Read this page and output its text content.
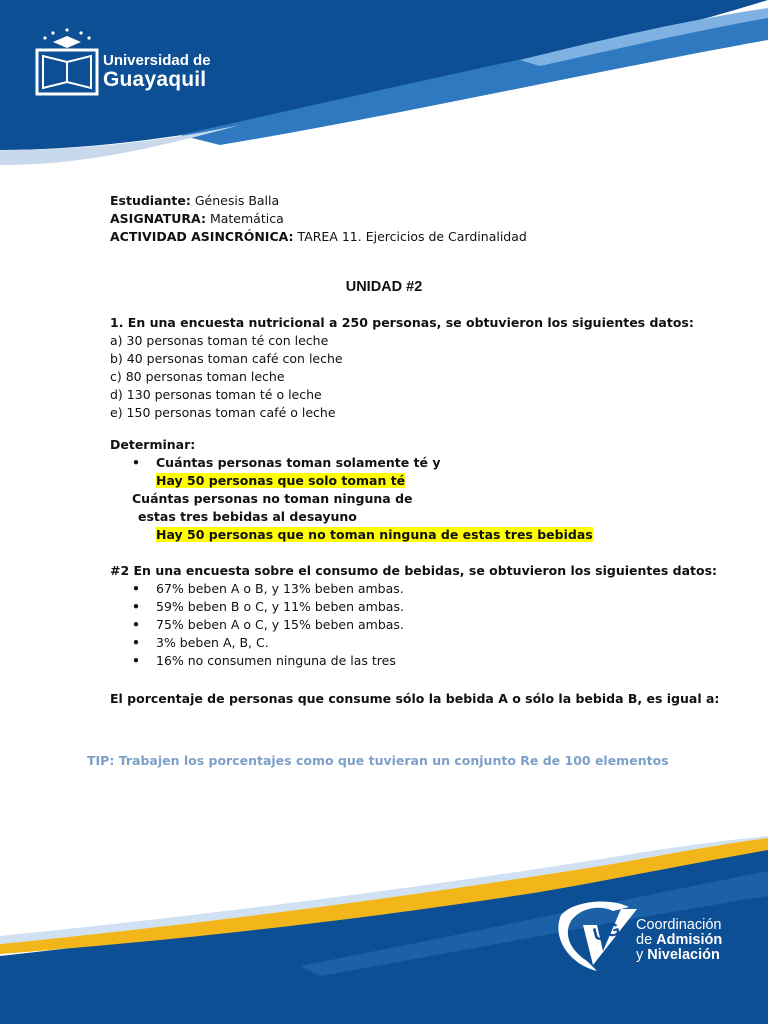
Universidad de
Guayaquil
Estudiante: Génesis Balla
ASIGNATURA: Matemática
ACTIVIDAD ASINCRÓNICA: TAREA 11. Ejercicios de Cardinalidad
UNIDAD #2
1. En una encuesta nutricional a 250 personas, se obtuvieron los siguientes datos:
a) 30 personas toman té con leche
b) 40 personas toman café con leche
c) 80 personas toman leche
d) 130 personas toman té o leche
e) 150 personas toman café o leche
Determinar:
• Cuántas personas toman solamente té y
Hay 50 personas que solo toman té
Cuántas personas no toman ninguna de
estas tres bebidas al desayuno
Hay 50 personas que no toman ninguna de estas tres bebidas
#2 En una encuesta sobre el consumo de bebidas, se obtuvieron los siguientes datos:
• 67% beben A o B, y 13% beben ambas.
• 59% beben B o C, y 11% beben ambas.
• 75% beben A o C, y 15% beben ambas.
• 3% beben A, B, C.
• 16% no consumen ninguna de las tres
El porcentaje de personas que consume sólo la bebida A o sólo la bebida B, es igual a:
TIP: Trabajen los porcentajes como que tuvieran un conjunto Re de 100 elementos
UG Coordinación
de Admisión
y Nivelación
